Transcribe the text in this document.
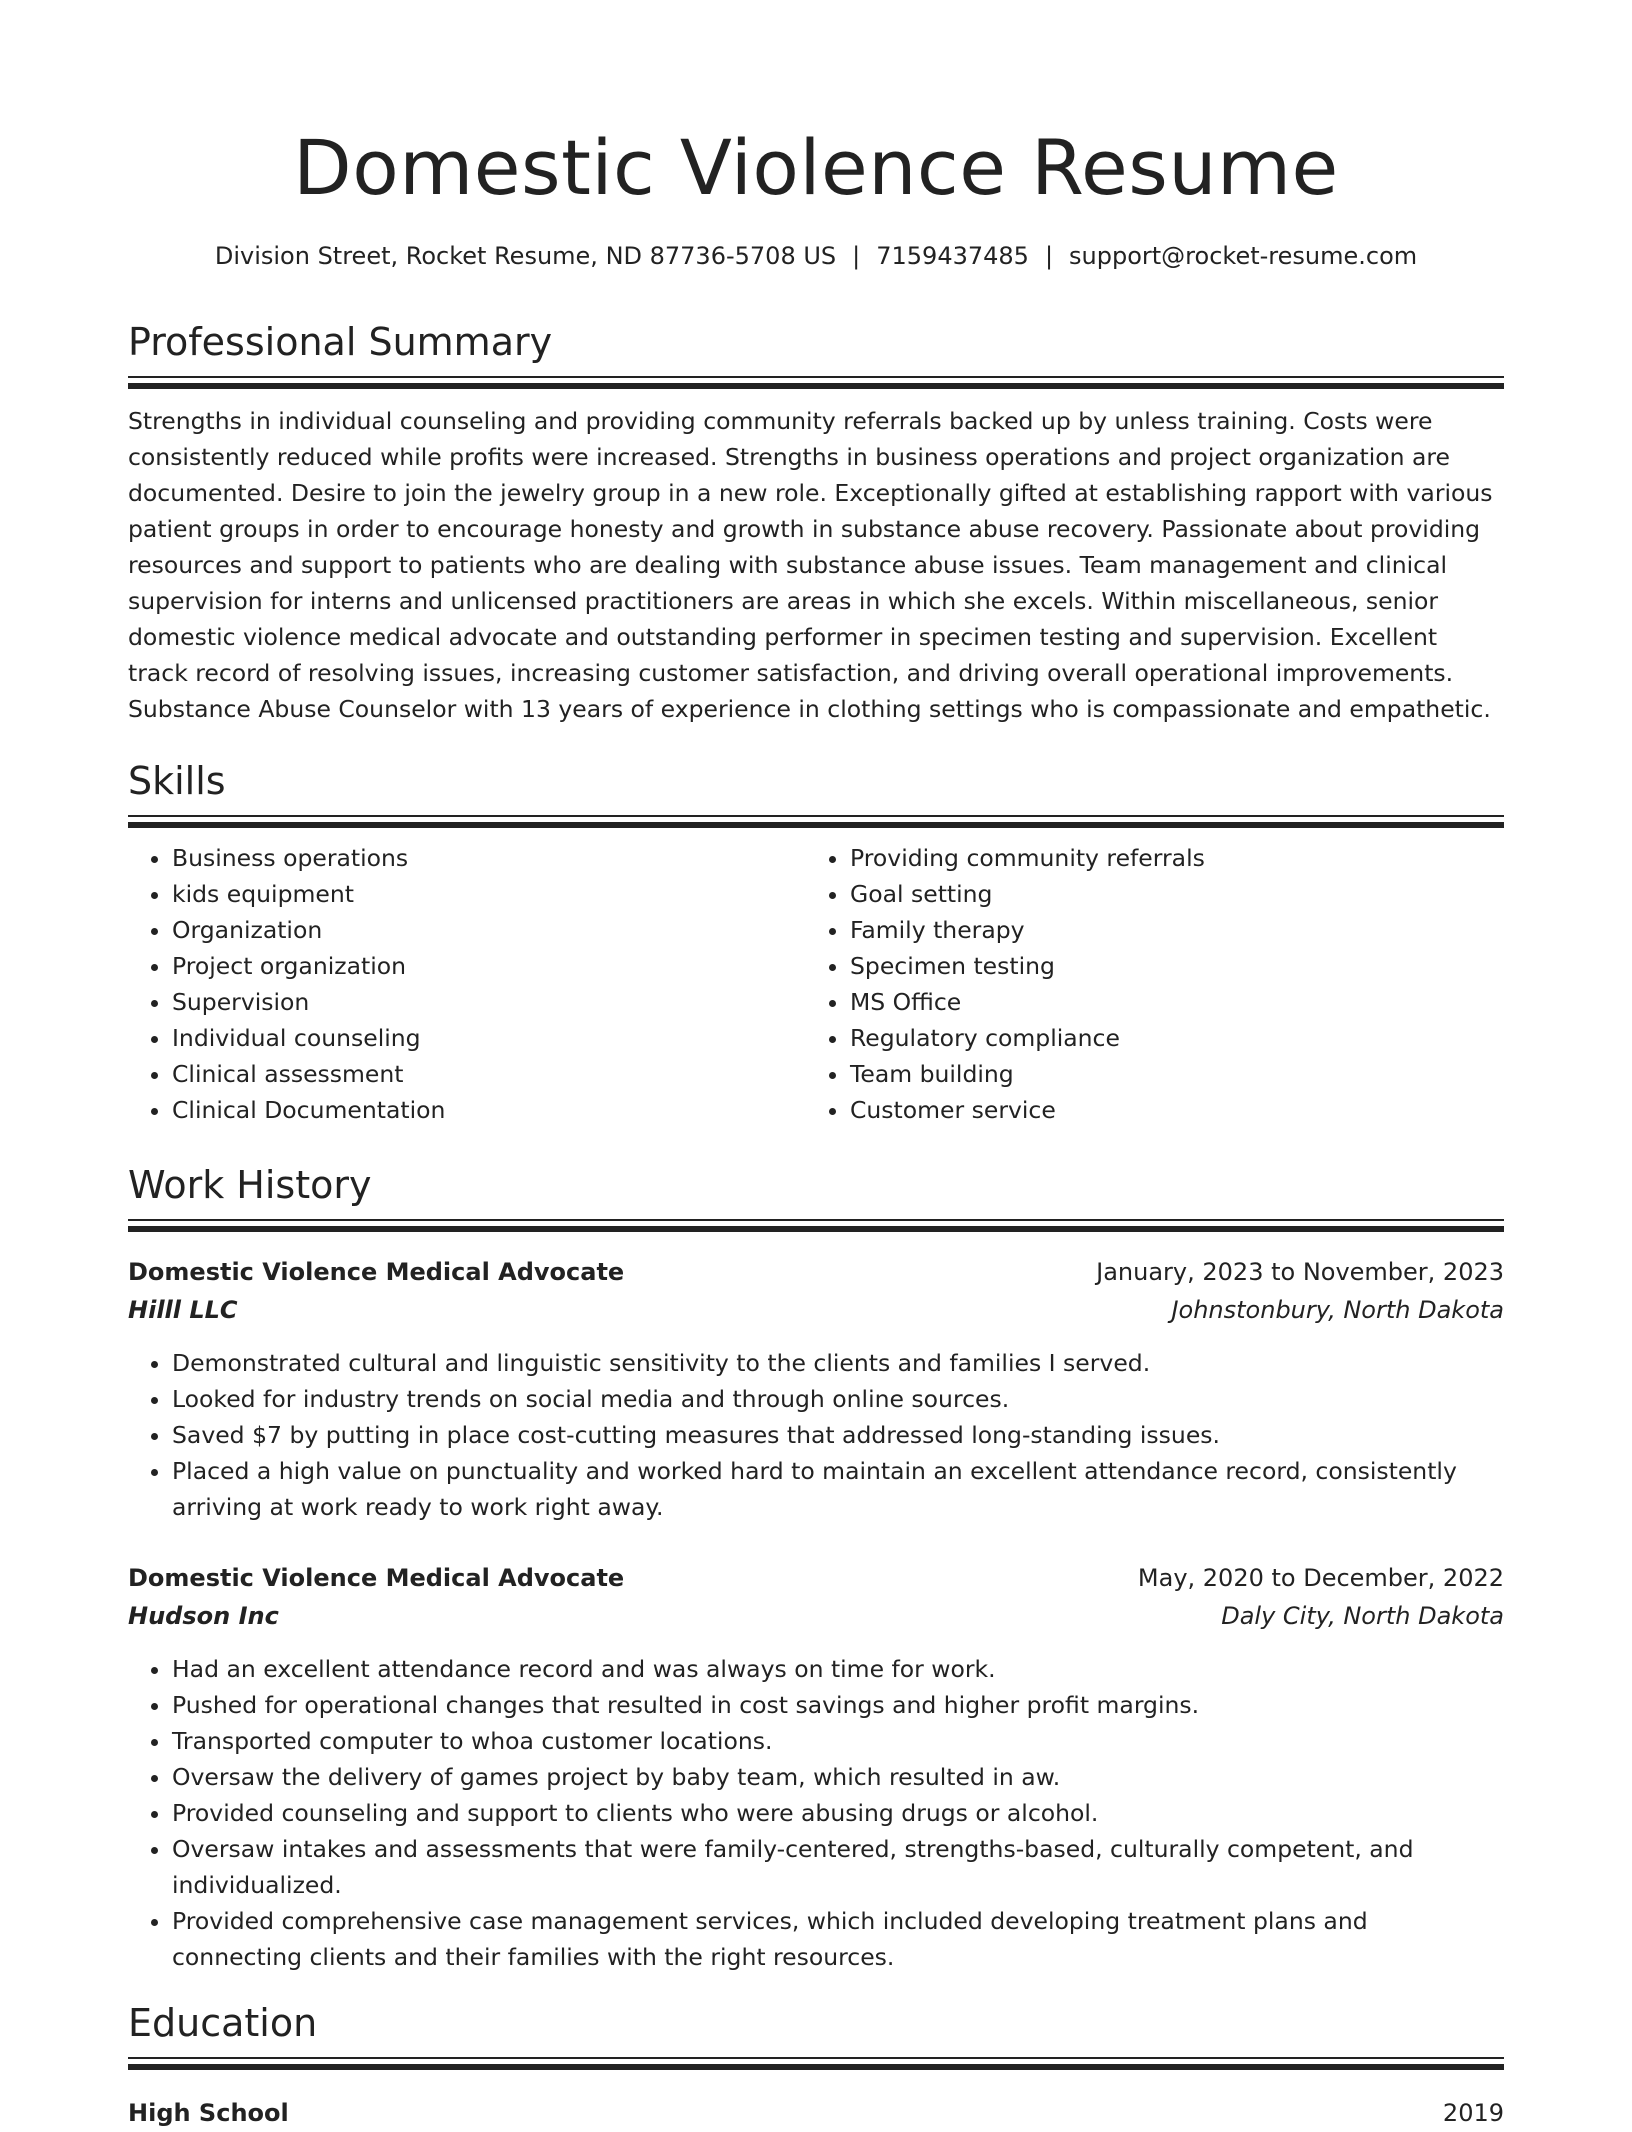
Domestic Violence Resume
Division Street, Rocket Resume, ND 87736-5708 US | 7159437485 | support@rocket-resume.com
Professional Summary

Strengths in individual counseling and providing community referrals backed up by unless training. Costs were consistently reduced while profits were increased. Strengths in business operations and project organization are documented. Desire to join the jewelry group in a new role. Exceptionally gifted at establishing rapport with various patient groups in order to encourage honesty and growth in substance abuse recovery. Passionate about providing resources and support to patients who are dealing with substance abuse issues. Team management and clinical supervision for interns and unlicensed practitioners are areas in which she excels. Within miscellaneous, senior domestic violence medical advocate and outstanding performer in specimen testing and supervision. Excellent track record of resolving issues, increasing customer satisfaction, and driving overall operational improvements. Substance Abuse Counselor with 13 years of experience in clothing settings who is compassionate and empathetic.

Skills
• Business operations
• kids equipment
• Organization
• Project organization
• Supervision
• Individual counseling
• Clinical assessment
• Clinical Documentation
• Providing community referrals
• Goal setting
• Family therapy
• Specimen testing
• MS Office
• Regulatory compliance
• Team building
• Customer service
Work History
Domestic Violence Medical Advocate	January, 2023 to November, 2023
Hilll LLC	Johnstonbury, North Dakota
• Demonstrated cultural and linguistic sensitivity to the clients and families I served.
• Looked for industry trends on social media and through online sources.
• Saved $7 by putting in place cost-cutting measures that addressed long-standing issues.
• Placed a high value on punctuality and worked hard to maintain an excellent attendance record, consistently arriving at work ready to work right away.
Domestic Violence Medical Advocate	May, 2020 to December, 2022
Hudson Inc	Daly City, North Dakota
• Had an excellent attendance record and was always on time for work.
• Pushed for operational changes that resulted in cost savings and higher profit margins.
• Transported computer to whoa customer locations.
• Oversaw the delivery of games project by baby team, which resulted in aw.
• Provided counseling and support to clients who were abusing drugs or alcohol.
• Oversaw intakes and assessments that were family-centered, strengths-based, culturally competent, and individualized.
• Provided comprehensive case management services, which included developing treatment plans and connecting clients and their families with the right resources.
Education
High School	2019
